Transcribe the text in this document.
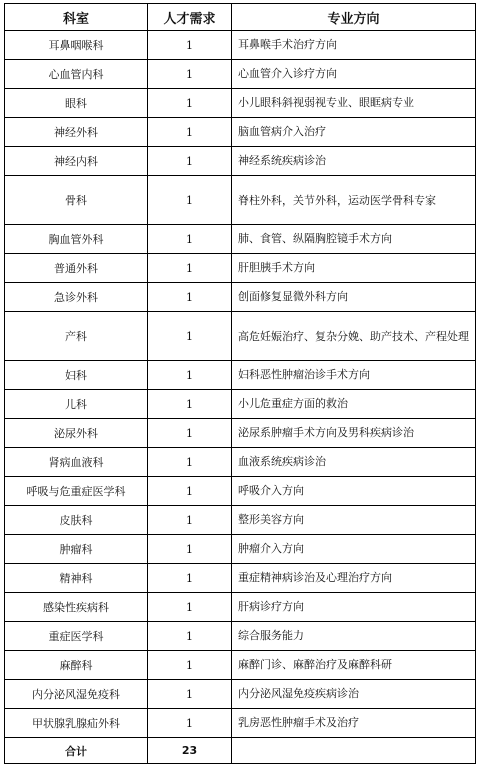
科室	人才需求	专业方向
耳鼻咽喉科	1	耳鼻喉手术治疗方向
心血管内科	1	心血管介入诊疗方向
眼科	1	小儿眼科斜视弱视专业、眼眶病专业
神经外科	1	脑血管病介入治疗
神经内科	1	神经系统疾病诊治
骨科	1	脊柱外科，关节外科，运动医学骨科专家
胸血管外科	1	肺、食管、纵隔胸腔镜手术方向
普通外科	1	肝胆胰手术方向
急诊外科	1	创面修复显微外科方向
产科	1	高危妊娠治疗、复杂分娩、助产技术、产程处理
妇科	1	妇科恶性肿瘤治诊手术方向
儿科	1	小儿危重症方面的救治
泌尿外科	1	泌尿系肿瘤手术方向及男科疾病诊治
肾病血液科	1	血液系统疾病诊治
呼吸与危重症医学科	1	呼吸介入方向
皮肤科	1	整形美容方向
肿瘤科	1	肿瘤介入方向
精神科	1	重症精神病诊治及心理治疗方向
感染性疾病科	1	肝病诊疗方向
重症医学科	1	综合服务能力
麻醉科	1	麻醉门诊、麻醉治疗及麻醉科研
内分泌风湿免疫科	1	内分泌风湿免疫疾病诊治
甲状腺乳腺疝外科	1	乳房恶性肿瘤手术及治疗
合计	23	
